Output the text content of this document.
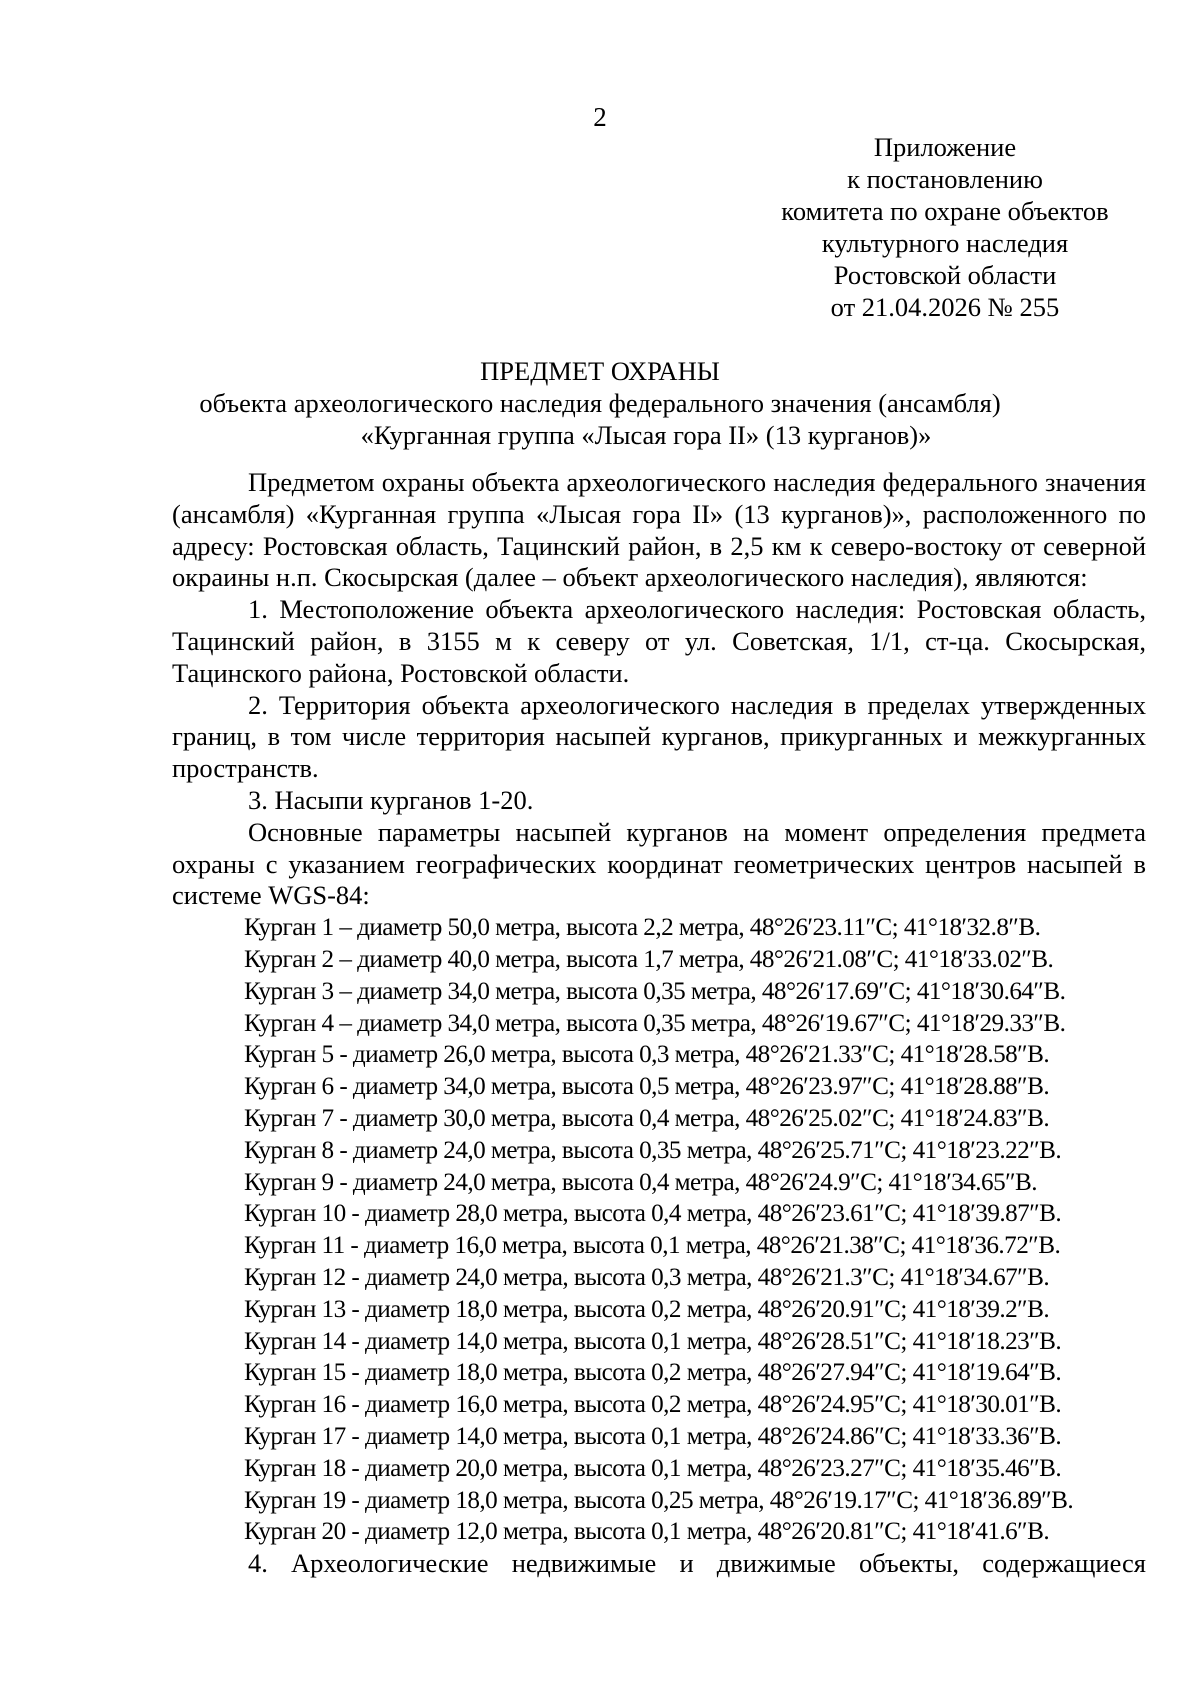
2
Приложение
к постановлению
комитета по охране объектов
культурного наследия
Ростовской области
от 21.04.2026 № 255
ПРЕДМЕТ ОХРАНЫ
объекта археологического наследия федерального значения (ансамбля)
«Курганная группа «Лысая гора II» (13 курганов)»

Предметом охраны объекта археологического наследия федерального значения (ансамбля) «Курганная группа «Лысая гора II» (13 курганов)», расположенного по адресу: Ростовская область, Тацинский район, в 2,5 км к северо-востоку от северной окраины н.п. Скосырская (далее – объект археологического наследия), являются:

1. Местоположение объекта археологического наследия: Ростовская область, Тацинский район, в 3155 м к северу от ул. Советская, 1/1, ст-ца. Скосырская, Тацинского района, Ростовской области.

2. Территория объекта археологического наследия в пределах утвержденных границ, в том числе территория насыпей курганов, прикурганных и межкурганных пространств.

3. Насыпи курганов 1-20.

Основные параметры насыпей курганов на момент определения предмета охраны с указанием географических координат геометрических центров насыпей в системе WGS-84:

Курган 1 – диаметр 50,0 метра, высота 2,2 метра, 48°26′23.11″С; 41°18′32.8″В.
Курган 2 – диаметр 40,0 метра, высота 1,7 метра, 48°26′21.08″С; 41°18′33.02″В.
Курган 3 – диаметр 34,0 метра, высота 0,35 метра, 48°26′17.69″С; 41°18′30.64″В.
Курган 4 – диаметр 34,0 метра, высота 0,35 метра, 48°26′19.67″С; 41°18′29.33″В.
Курган 5 - диаметр 26,0 метра, высота 0,3 метра, 48°26′21.33″С; 41°18′28.58″В.
Курган 6 - диаметр 34,0 метра, высота 0,5 метра, 48°26′23.97″С; 41°18′28.88″В.
Курган 7 - диаметр 30,0 метра, высота 0,4 метра, 48°26′25.02″С; 41°18′24.83″В.
Курган 8 - диаметр 24,0 метра, высота 0,35 метра, 48°26′25.71″С; 41°18′23.22″В.
Курган 9 - диаметр 24,0 метра, высота 0,4 метра, 48°26′24.9″С; 41°18′34.65″В.
Курган 10 - диаметр 28,0 метра, высота 0,4 метра, 48°26′23.61″С; 41°18′39.87″В.
Курган 11 - диаметр 16,0 метра, высота 0,1 метра, 48°26′21.38″С; 41°18′36.72″В.
Курган 12 - диаметр 24,0 метра, высота 0,3 метра, 48°26′21.3″С; 41°18′34.67″В.
Курган 13 - диаметр 18,0 метра, высота 0,2 метра, 48°26′20.91″С; 41°18′39.2″В.
Курган 14 - диаметр 14,0 метра, высота 0,1 метра, 48°26′28.51″С; 41°18′18.23″В.
Курган 15 - диаметр 18,0 метра, высота 0,2 метра, 48°26′27.94″С; 41°18′19.64″В.
Курган 16 - диаметр 16,0 метра, высота 0,2 метра, 48°26′24.95″С; 41°18′30.01″В.
Курган 17 - диаметр 14,0 метра, высота 0,1 метра, 48°26′24.86″С; 41°18′33.36″В.
Курган 18 - диаметр 20,0 метра, высота 0,1 метра, 48°26′23.27″С; 41°18′35.46″В.
Курган 19 - диаметр 18,0 метра, высота 0,25 метра, 48°26′19.17″С; 41°18′36.89″В.
Курган 20 - диаметр 12,0 метра, высота 0,1 метра, 48°26′20.81″С; 41°18′41.6″В.

4. Археологические недвижимые и движимые объекты, содержащиеся
